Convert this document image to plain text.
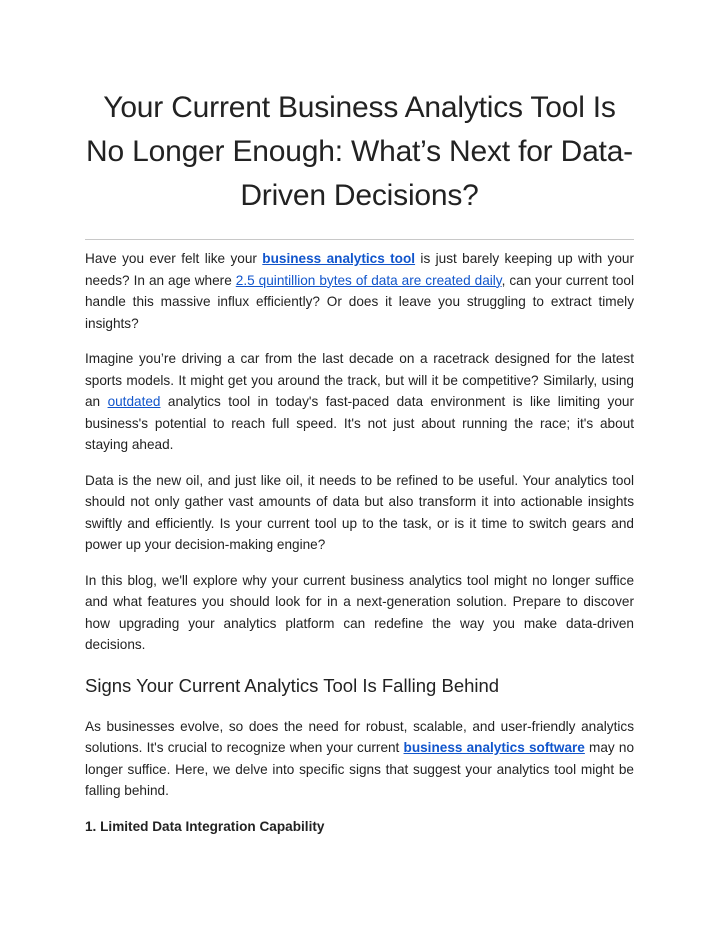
Your Current Business Analytics Tool Is No Longer Enough: What’s Next for Data-Driven Decisions?

Have you ever felt like your business analytics tool is just barely keeping up with your needs? In an age where 2.5 quintillion bytes of data are created daily, can your current tool handle this massive influx efficiently? Or does it leave you struggling to extract timely insights?

Imagine you’re driving a car from the last decade on a racetrack designed for the latest sports models. It might get you around the track, but will it be competitive? Similarly, using an outdated analytics tool in today's fast-paced data environment is like limiting your business's potential to reach full speed. It's not just about running the race; it's about staying ahead.

Data is the new oil, and just like oil, it needs to be refined to be useful. Your analytics tool should not only gather vast amounts of data but also transform it into actionable insights swiftly and efficiently. Is your current tool up to the task, or is it time to switch gears and power up your decision-making engine?

In this blog, we'll explore why your current business analytics tool might no longer suffice and what features you should look for in a next-generation solution. Prepare to discover how upgrading your analytics platform can redefine the way you make data-driven decisions.

Signs Your Current Analytics Tool Is Falling Behind

As businesses evolve, so does the need for robust, scalable, and user-friendly analytics solutions. It's crucial to recognize when your current business analytics software may no longer suffice. Here, we delve into specific signs that suggest your analytics tool might be falling behind.

1. Limited Data Integration Capability
